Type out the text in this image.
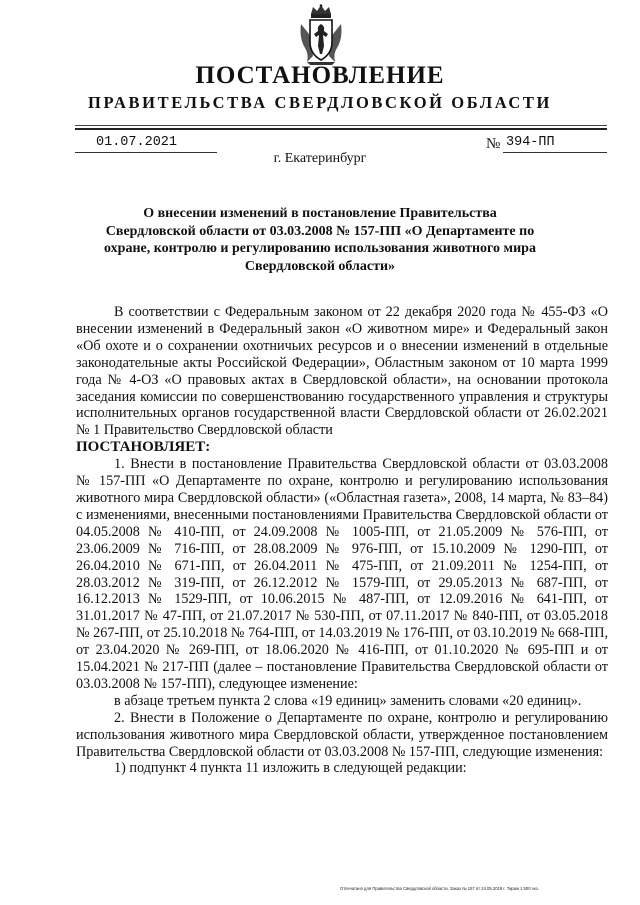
ПОСТАНОВЛЕНИЕ
ПРАВИТЕЛЬСТВА СВЕРДЛОВСКОЙ ОБЛАСТИ
01.07.2021	№ 394-ПП
г. Екатеринбург
О внесении изменений в постановление Правительства Свердловской области от 03.03.2008 № 157-ПП «О Департаменте по охране, контролю и регулированию использования животного мира Свердловской области»

В соответствии с Федеральным законом от 22 декабря 2020 года № 455-ФЗ «О внесении изменений в Федеральный закон «О животном мире» и Федеральный закон «Об охоте и о сохранении охотничьих ресурсов и о внесении изменений в отдельные законодательные акты Российской Федерации», Областным законом от 10 марта 1999 года № 4-ОЗ «О правовых актах в Свердловской области», на основании протокола заседания комиссии по совершенствованию государственного управления и структуры исполнительных органов государственной власти Свердловской области от 26.02.2021 № 1 Правительство Свердловской области

ПОСТАНОВЛЯЕТ:

1. Внести в постановление Правительства Свердловской области от 03.03.2008 № 157-ПП «О Департаменте по охране, контролю и регулированию использования животного мира Свердловской области» («Областная газета», 2008, 14 марта, № 83–84) с изменениями, внесенными постановлениями Правительства Свердловской области от 04.05.2008 № 410-ПП, от 24.09.2008 № 1005-ПП, от 21.05.2009 № 576-ПП, от 23.06.2009 № 716-ПП, от 28.08.2009 № 976-ПП, от 15.10.2009 № 1290-ПП, от 26.04.2010 № 671-ПП, от 26.04.2011 № 475-ПП, от 21.09.2011 № 1254-ПП, от 28.03.2012 № 319-ПП, от 26.12.2012 № 1579-ПП, от 29.05.2013 № 687-ПП, от 16.12.2013 № 1529-ПП, от 10.06.2015 № 487-ПП, от 12.09.2016 № 641-ПП, от 31.01.2017 № 47-ПП, от 21.07.2017 № 530-ПП, от 07.11.2017 № 840-ПП, от 03.05.2018 № 267-ПП, от 25.10.2018 № 764-ПП, от 14.03.2019 № 176-ПП, от 03.10.2019 № 668-ПП, от 23.04.2020 № 269-ПП, от 18.06.2020 № 416-ПП, от 01.10.2020 № 695-ПП и от 15.04.2021 № 217-ПП (далее – постановление Правительства Свердловской области от 03.03.2008 № 157-ПП), следующее изменение:

в абзаце третьем пункта 2 слова «19 единиц» заменить словами «20 единиц».

2. Внести в Положение о Департаменте по охране, контролю и регулированию использования животного мира Свердловской области, утвержденное постановлением Правительства Свердловской области от 03.03.2008 № 157-ПП, следующие изменения:

1) подпункт 4 пункта 11 изложить в следующей редакции:

Отпечатано для Правительства Свердловской области. Заказ № 157 от 24.05.2018 г. Тираж 1 500 экз.
